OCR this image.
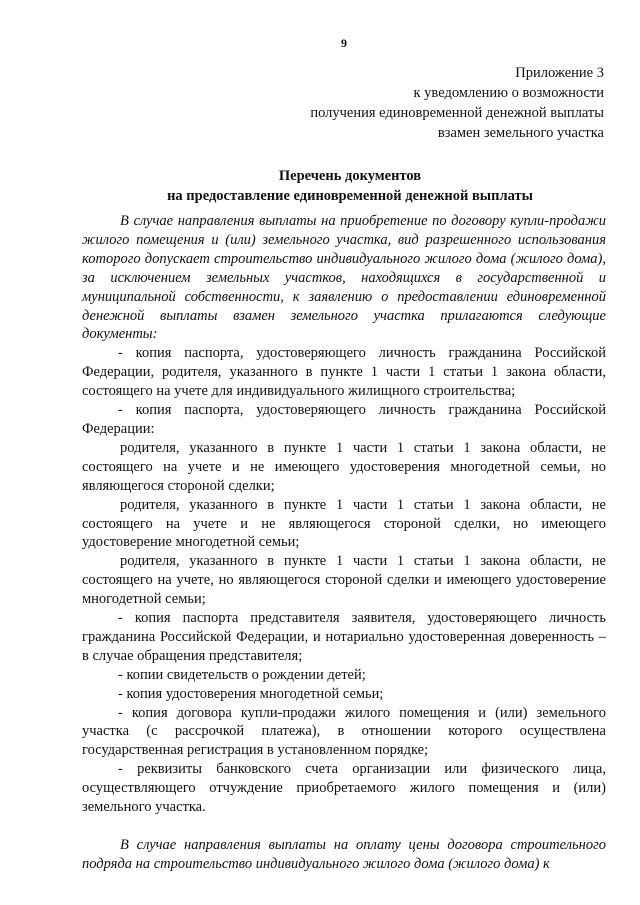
9
Приложение 3
к уведомлению о возможности
получения единовременной денежной выплаты
взамен земельного участка
Перечень документов
на предоставление единовременной денежной выплаты

В случае направления выплаты на приобретение по договору купли-продажи жилого помещения и (или) земельного участка, вид разрешенного использования которого допускает строительство индивидуального жилого дома (жилого дома), за исключением земельных участков, находящихся в государственной и муниципальной собственности, к заявлению о предоставлении единовременной денежной выплаты взамен земельного участка прилагаются следующие документы:

- копия паспорта, удостоверяющего личность гражданина Российской Федерации, родителя, указанного в пункте 1 части 1 статьи 1 закона области, состоящего на учете для индивидуального жилищного строительства;

- копия паспорта, удостоверяющего личность гражданина Российской Федерации:

родителя, указанного в пункте 1 части 1 статьи 1 закона области, не состоящего на учете и не имеющего удостоверения многодетной семьи, но являющегося стороной сделки;

родителя, указанного в пункте 1 части 1 статьи 1 закона области, не состоящего на учете и не являющегося стороной сделки, но имеющего удостоверение многодетной семьи;

родителя, указанного в пункте 1 части 1 статьи 1 закона области, не состоящего на учете, но являющегося стороной сделки и имеющего удостоверение многодетной семьи;

- копия паспорта представителя заявителя, удостоверяющего личность гражданина Российской Федерации, и нотариально удостоверенная доверенность – в случае обращения представителя;

- копии свидетельств о рождении детей;

- копия удостоверения многодетной семьи;

- копия договора купли-продажи жилого помещения и (или) земельного участка (с рассрочкой платежа), в отношении которого осуществлена государственная регистрация в установленном порядке;

- реквизиты банковского счета организации или физического лица, осуществляющего отчуждение приобретаемого жилого помещения и (или) земельного участка.

В случае направления выплаты на оплату цены договора строительного подряда на строительство индивидуального жилого дома (жилого дома) к
